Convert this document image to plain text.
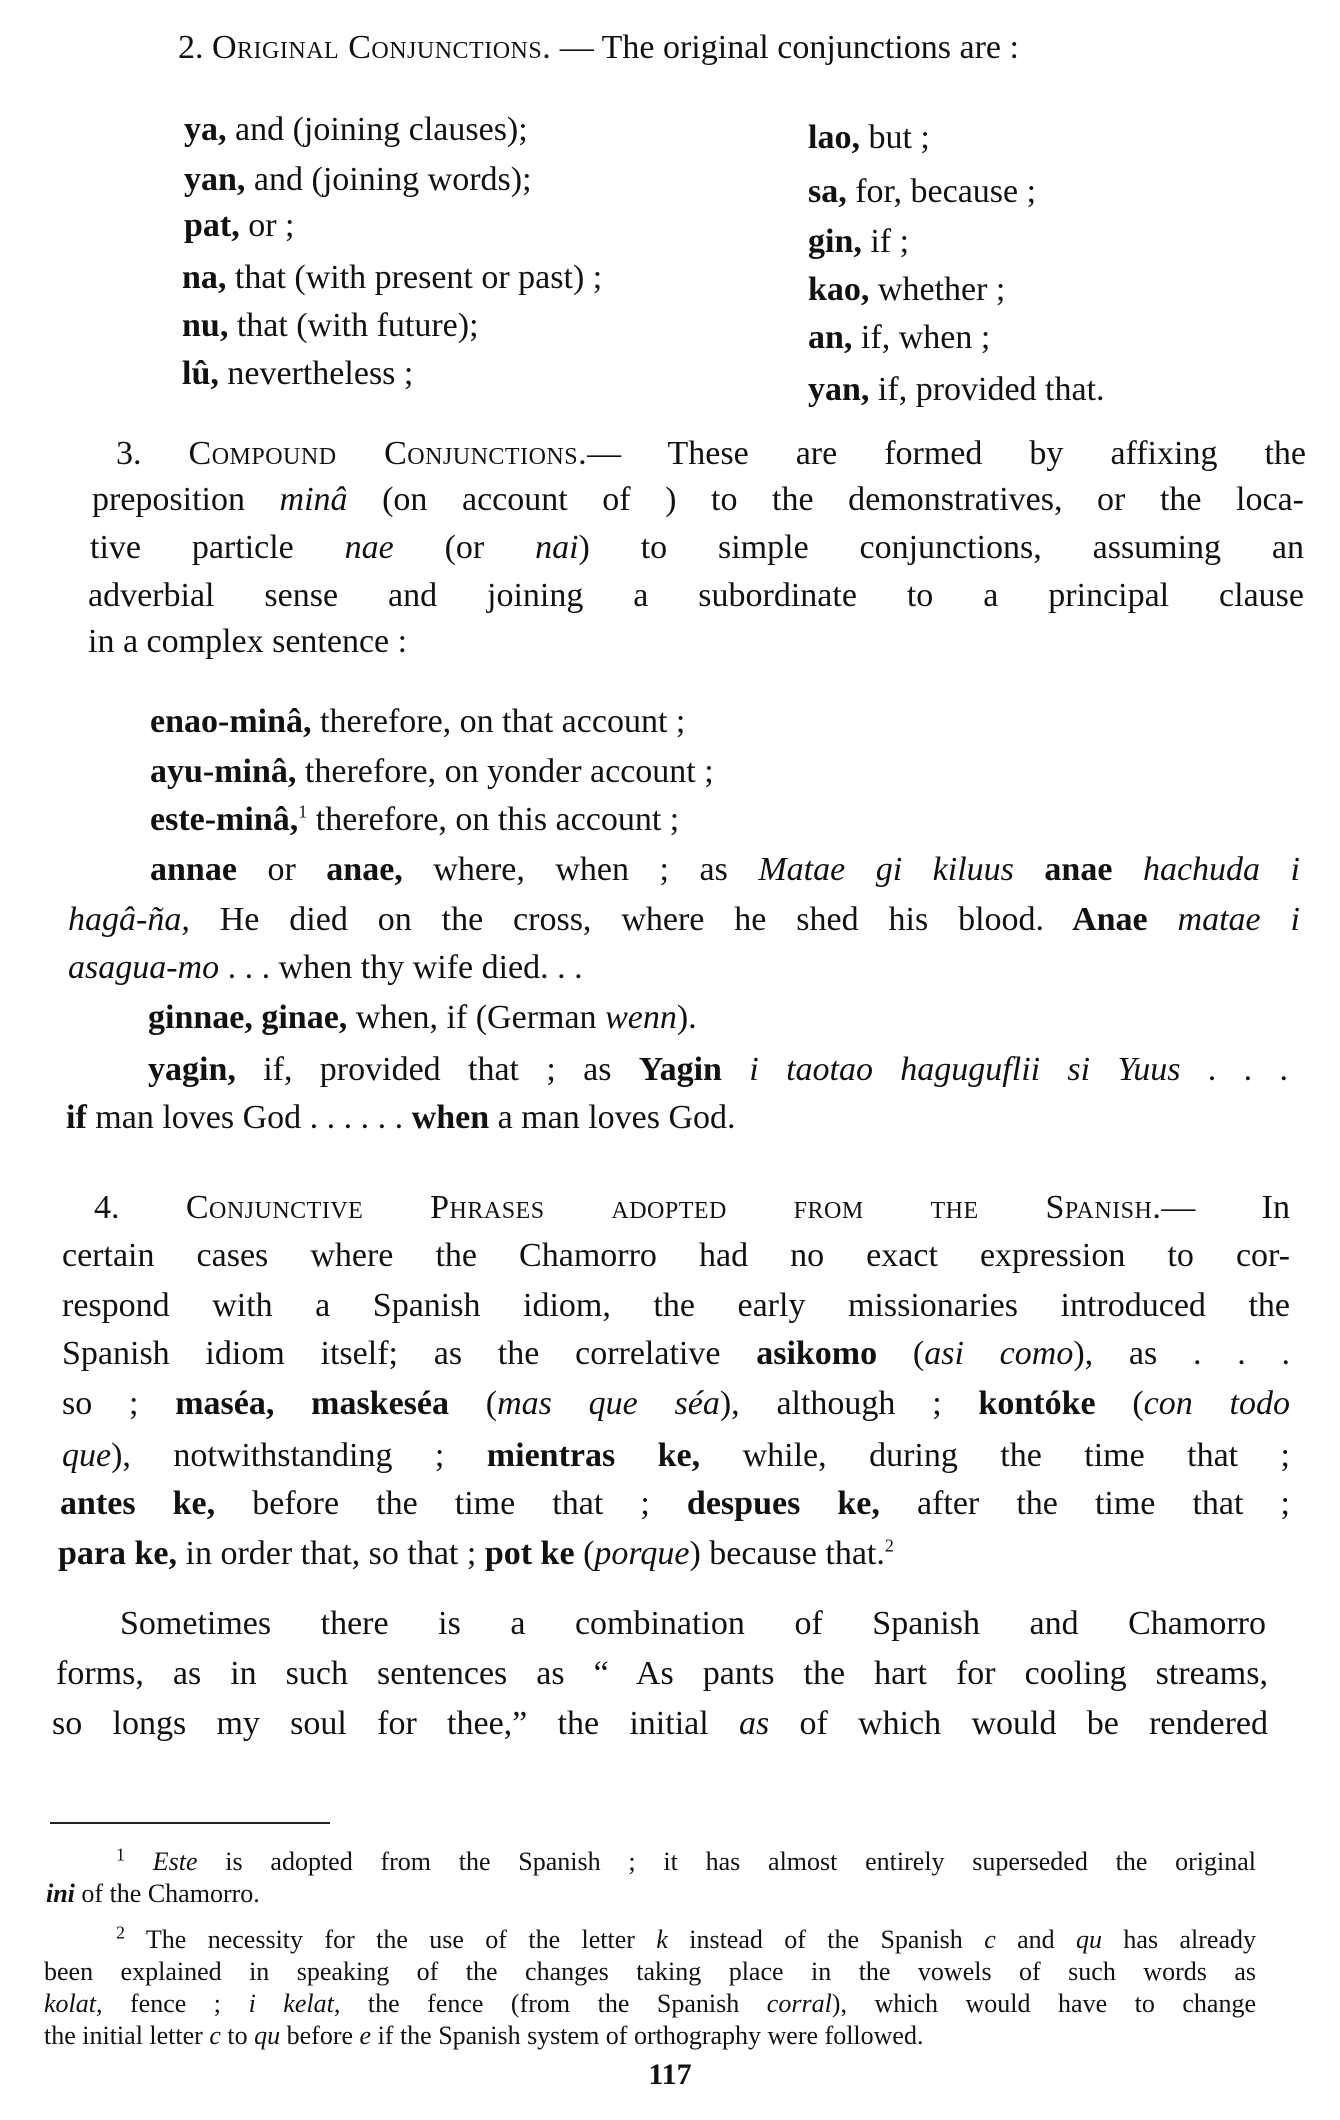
2. Original Conjunctions. — The original conjunctions are :
ya, and (joining clauses);
yan, and (joining words);
pat, or ;
na, that (with present or past) ;
nu, that (with future);
lû, nevertheless ;
lao, but ;
sa, for, because ;
gin, if ;
kao, whether ;
an, if, when ;
yan, if, provided that.
3. Compound Conjunctions.— These are formed by affixing the
preposition minâ (on account of ) to the demonstratives, or the loca-
tive particle nae (or nai) to simple conjunctions, assuming an
adverbial sense and joining a subordinate to a principal clause
in a complex sentence :
enao-minâ, therefore, on that account ;
ayu-minâ, therefore, on yonder account ;
este-minâ,$^1$ therefore, on this account ;
annae or anae, where, when ; as Matae gi kiluus anae hachuda i
hagâ-ña, He died on the cross, where he shed his blood. Anae matae i
asagua-mo . . . when thy wife died. . .
ginnae, ginae, when, if (German wenn).
yagin, if, provided that ; as Yagin i taotao haguguflii si Yuus . . .
if man loves God . . . . . . when a man loves God.
4. Conjunctive Phrases adopted from the Spanish.— In
certain cases where the Chamorro had no exact expression to cor-
respond with a Spanish idiom, the early missionaries introduced the
Spanish idiom itself; as the correlative asikomo (asi como), as . . .
so ; maséa, maskeséa (mas que séa), although ; kontóke (con todo
que), notwithstanding ; mientras ke, while, during the time that ;
antes ke, before the time that ; despues ke, after the time that ;
para ke, in order that, so that ; pot ke (porque) because that.$^2$
Sometimes there is a combination of Spanish and Chamorro
forms, as in such sentences as “ As pants the hart for cooling streams,
so longs my soul for thee,” the initial as of which would be rendered
$^1$ Este is adopted from the Spanish ; it has almost entirely superseded the original
ini of the Chamorro.
$^2$ The necessity for the use of the letter k instead of the Spanish c and qu has already
been explained in speaking of the changes taking place in the vowels of such words as
kolat, fence ; i kelat, the fence (from the Spanish corral), which would have to change
the initial letter c to qu before e if the Spanish system of orthography were followed.
117
